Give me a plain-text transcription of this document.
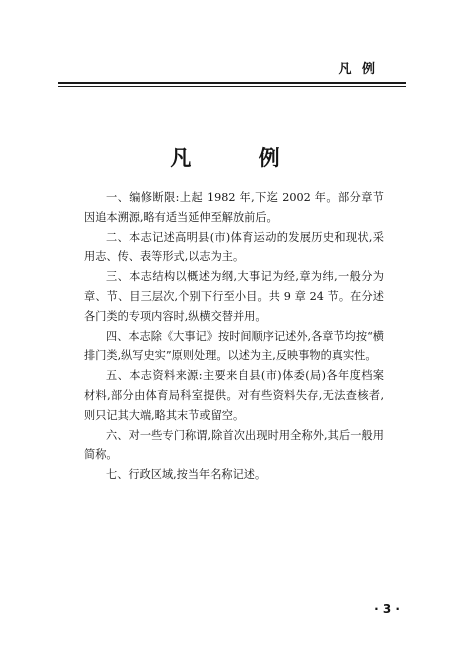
凡 例
凡 例

一、编修断限:上起 1982 年,下迄 2002 年。部分章节因追本溯源,略有适当延伸至解放前后。

二、本志记述高明县(市)体育运动的发展历史和现状,采用志、传、表等形式,以志为主。

三、本志结构以概述为纲,大事记为经,章为纬,一般分为章、节、目三层次,个别下行至小目。共 9 章 24 节。在分述各门类的专项内容时,纵横交替并用。

四、本志除《大事记》按时间顺序记述外,各章节均按“横排门类,纵写史实”原则处理。以述为主,反映事物的真实性。

五、本志资料来源:主要来自县(市)体委(局)各年度档案材料,部分由体育局科室提供。对有些资料失存,无法查核者,则只记其大端,略其末节或留空。

六、对一些专门称谓,除首次出现时用全称外,其后一般用简称。

七、行政区域,按当年名称记述。

· 3 ·
